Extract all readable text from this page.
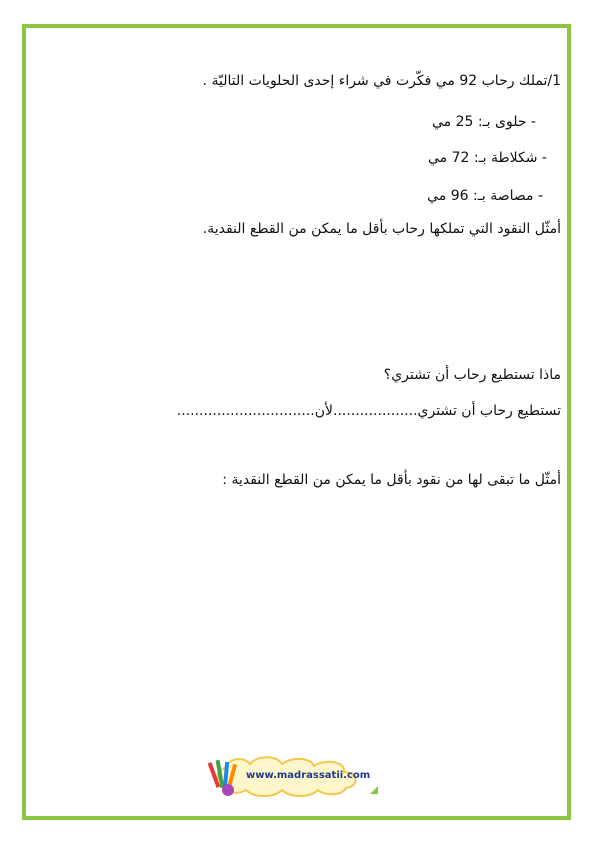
1/تملك رحاب 92 مي فكّرت في شراء إحدى الحلويات التاليّة .
- حلوى بـ: 25 مي
- شكلاطة بـ: 72 مي
- مصاصة بـ: 96 مي
أمثّل النقود التي تملكها رحاب بأقل ما يمكن من القطع النقدية.
ماذا تستطيع رحاب أن تشتري؟
تستطيع رحاب أن تشتري...................لأن...............................
أمثّل ما تبقى لها من نقود بأقل ما يمكن من القطع النقدية :
www.madrassatii.com
